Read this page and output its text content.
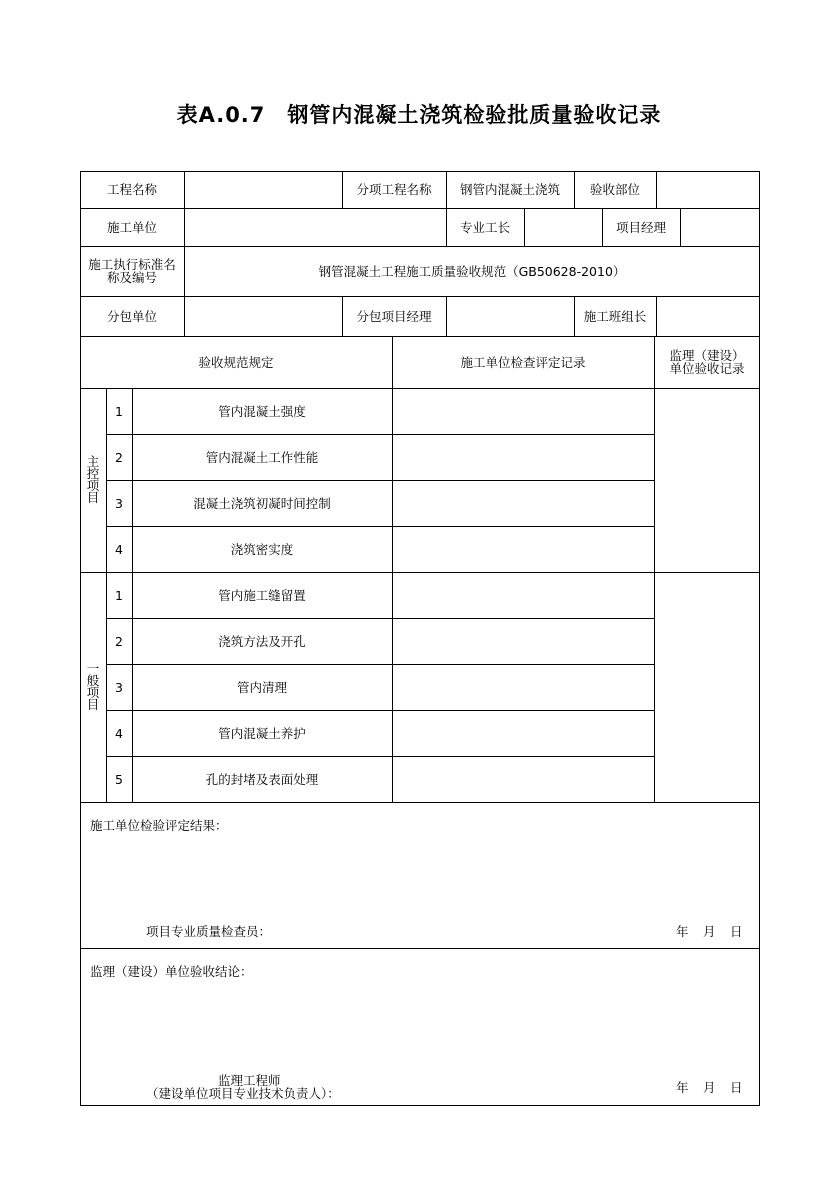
表A.0.7　钢管内混凝土浇筑检验批质量验收记录
工程名称	分项工程名称	钢管内混凝土浇筑	验收部位
施工单位	专业工长	项目经理
施工执行标准名
称及编号	钢管混凝土工程施工质量验收规范（GB50628-2010）
分包单位	分包项目经理	施工班组长
验收规范规定	施工单位检查评定记录	监理（建设）
单位验收记录
主
控
项
目
1	管内混凝土强度
2	管内混凝土工作性能
3	混凝土浇筑初凝时间控制
4	浇筑密实度
一
般
项
目
1	管内施工缝留置
2	浇筑方法及开孔
3	管内清理
4	管内混凝土养护
5	孔的封堵及表面处理
施工单位检验评定结果：
项目专业质量检查员：	年 月 日
监理（建设）单位验收结论：
监理工程师
（建设单位项目专业技术负责人）：	年 月 日
